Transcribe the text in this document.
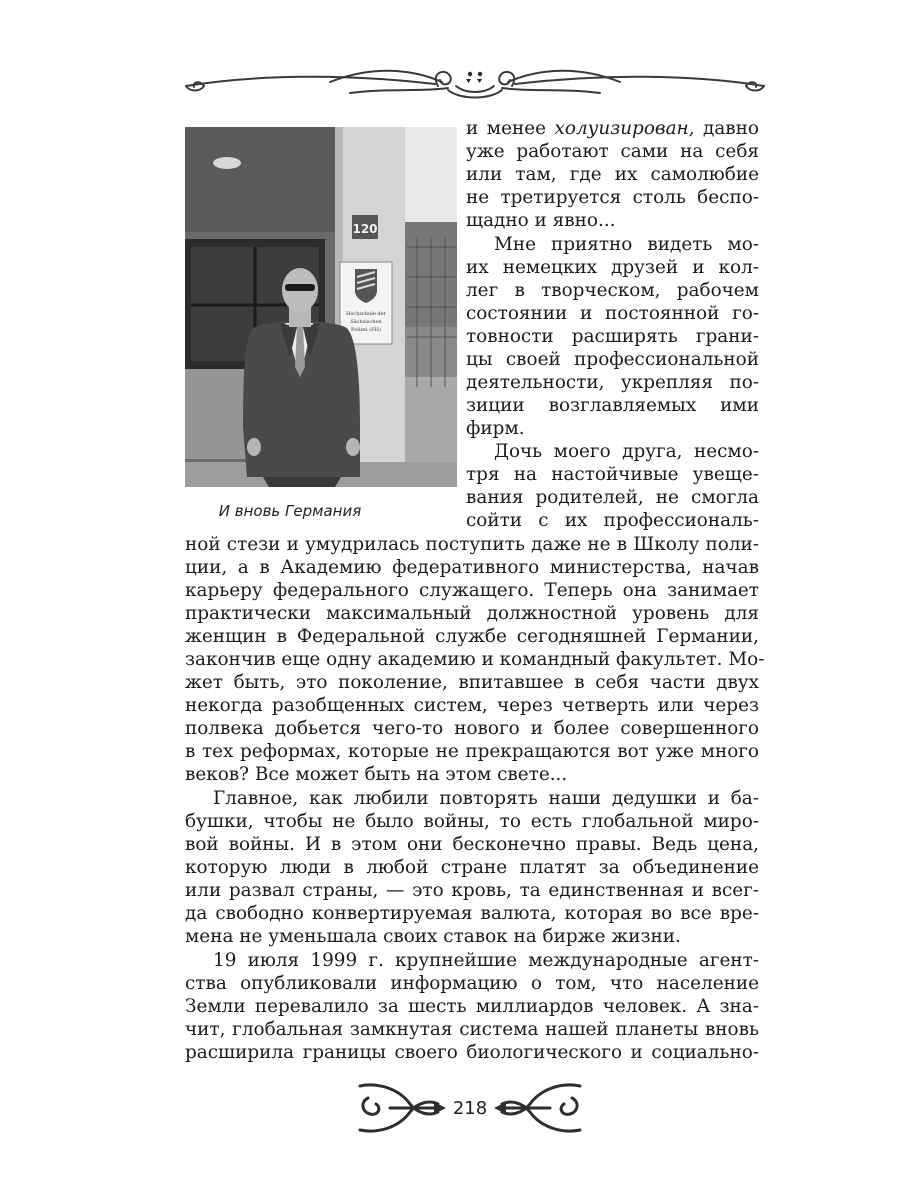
120
Hochschule der
Sächsischen
Polizei (FH)
И вновь Германия
и менее холуизирован, давно
уже работают сами на себя
или там, где их самолюбие
не третируется столь беспо-
щадно и явно...
Мне приятно видеть мо-
их немецких друзей и кол-
лег в творческом, рабочем
состоянии и постоянной го-
товности расширять грани-
цы своей профессиональной
деятельности, укрепляя по-
зиции возглавляемых ими
фирм.
Дочь моего друга, несмо-
тря на настойчивые увеще-
вания родителей, не смогла
сойти с их профессиональ-
ной стези и умудрилась поступить даже не в Школу поли-
ции, а в Академию федеративного министерства, начав
карьеру федерального служащего. Теперь она занимает
практически максимальный должностной уровень для
женщин в Федеральной службе сегодняшней Германии,
закончив еще одну академию и командный факультет. Мо-
жет быть, это поколение, впитавшее в себя части двух
некогда разобщенных систем, через четверть или через
полвека добьется чего-то нового и более совершенного
в тех реформах, которые не прекращаются вот уже много
веков? Все может быть на этом свете...
Главное, как любили повторять наши дедушки и ба-
бушки, чтобы не было войны, то есть глобальной миро-
вой войны. И в этом они бесконечно правы. Ведь цена,
которую люди в любой стране платят за объединение
или развал страны, — это кровь, та единственная и всег-
да свободно конвертируемая валюта, которая во все вре-
мена не уменьшала своих ставок на бирже жизни.
19 июля 1999 г. крупнейшие международные агент-
ства опубликовали информацию о том, что население
Земли перевалило за шесть миллиардов человек. А зна-
чит, глобальная замкнутая система нашей планеты вновь
расширила границы своего биологического и социально-
218
